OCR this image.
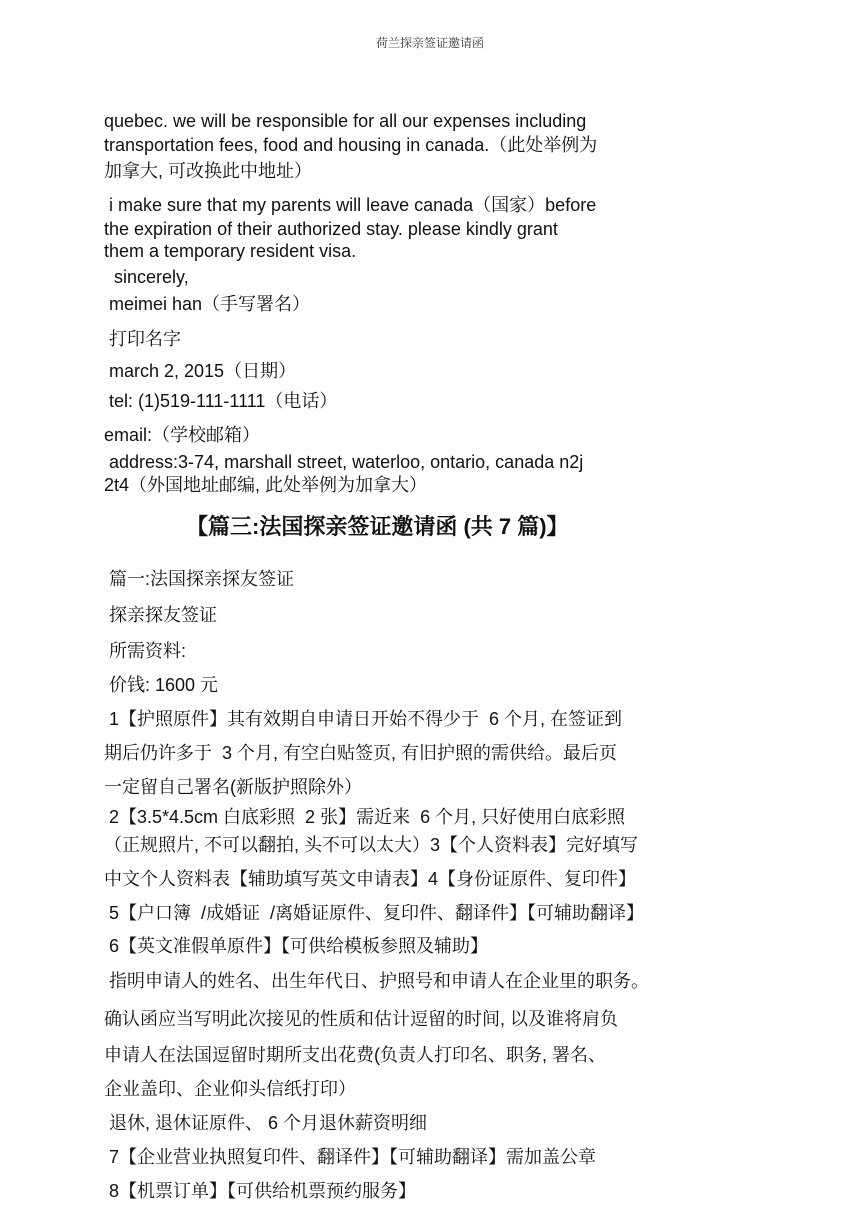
荷兰探亲签证邀请函
quebec. we will be responsible for all our expenses including
transportation fees, food and housing in canada.（此处举例为
加拿大, 可改换此中地址）
i make sure that my parents will leave canada（国家）before
the expiration of their authorized stay. please kindly grant
them a temporary resident visa.
sincerely,
meimei han（手写署名）
打印名字
march 2, 2015（日期）
tel: (1)519-111-1111（电话）
email:（学校邮箱）
address:3-74, marshall street, waterloo, ontario, canada n2j
2t4（外国地址邮编, 此处举例为加拿大）
篇一:法国探亲探友签证
探亲探友签证
所需资料:
价钱: 1600 元
1【护照原件】其有效期自申请日开始不得少于  6 个月, 在签证到
期后仍许多于  3 个月, 有空白贴签页, 有旧护照的需供给。最后页
一定留自己署名(新版护照除外）
2【3.5*4.5cm 白底彩照  2 张】需近来  6 个月, 只好使用白底彩照
（正规照片, 不可以翻拍, 头不可以太大）3【个人资料表】完好填写
中文个人资料表【辅助填写英文申请表】4【身份证原件、复印件】
5【户口簿  /成婚证  /离婚证原件、复印件、翻译件】【可辅助翻译】
6【英文准假单原件】【可供给模板参照及辅助】
指明申请人的姓名、出生年代日、护照号和申请人在企业里的职务。
确认函应当写明此次接见的性质和估计逗留的时间, 以及谁将肩负
申请人在法国逗留时期所支出花费(负责人打印名、职务, 署名、
企业盖印、企业仰头信纸打印）
退休, 退休证原件、 6 个月退休薪资明细
7【企业营业执照复印件、翻译件】【可辅助翻译】需加盖公章
8【机票订单】【可供给机票预约服务】
【篇三:法国探亲签证邀请函 (共 7 篇)】
